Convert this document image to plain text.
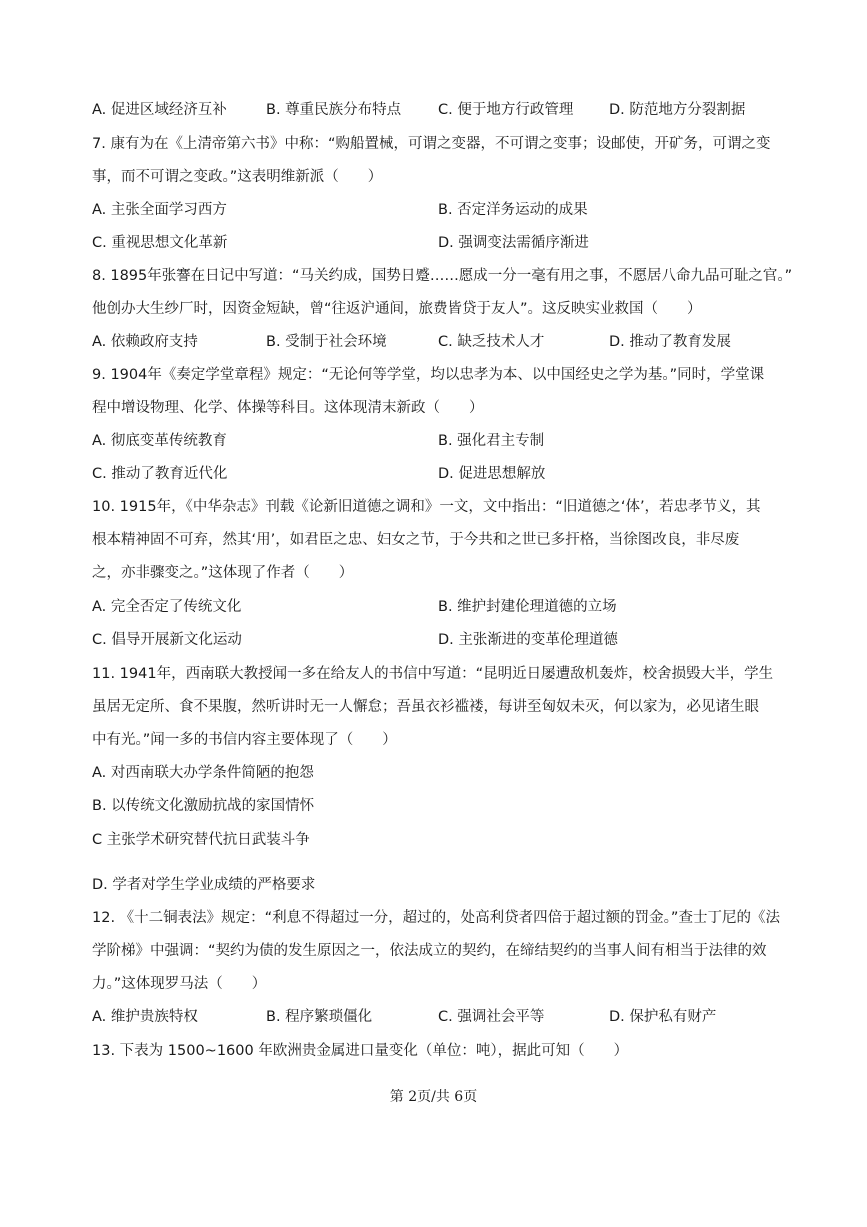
A. 促进区域经济互补	B. 尊重民族分布特点	C. 便于地方行政管理 D. 防范地方分裂割据
7. 康有为在《上清帝第六书》中称：“购船置械，可谓之变器，不可谓之变事；设邮使，开矿务，可谓之变
事，而不可谓之变政。”这表明维新派（　　）
A. 主张全面学习西方	B. 否定洋务运动的成果
C. 重视思想文化革新	D. 强调变法需循序渐进
8. 1895年张謇在日记中写道：“马关约成，国势日蹙……愿成一分一毫有用之事，不愿居八命九品可耻之官。”
他创办大生纱厂时，因资金短缺，曾“往返沪通间，旅费皆贷于友人”。这反映实业救国（　　）
A. 依赖政府支持	B. 受制于社会环境	C. 缺乏技术人才	D. 推动了教育发展
9. 1904年《奏定学堂章程》规定：“无论何等学堂，均以忠孝为本、以中国经史之学为基。”同时，学堂课
程中增设物理、化学、体操等科目。这体现清末新政（　　）
A. 彻底变革传统教育	B. 强化君主专制
C. 推动了教育近代化	D. 促进思想解放
10. 1915年，《中华杂志》刊载《论新旧道德之调和》一文，文中指出：“旧道德之‘体’，若忠孝节义，其
根本精神固不可弃，然其‘用’，如君臣之忠、妇女之节，于今共和之世已多扞格，当徐图改良，非尽废
之，亦非骤变之。”这体现了作者（　　）
A. 完全否定了传统文化	B. 维护封建伦理道德的立场
C. 倡导开展新文化运动	D. 主张渐进的变革伦理道德
11. 1941年，西南联大教授闻一多在给友人的书信中写道：“昆明近日屡遭敌机轰炸，校舍损毁大半，学生
虽居无定所、食不果腹，然听讲时无一人懈怠；吾虽衣衫褴褛，每讲至匈奴未灭，何以家为，必见诸生眼
中有光。”闻一多的书信内容主要体现了（　　）
A. 对西南联大办学条件简陋的抱怨
B. 以传统文化激励抗战的家国情怀
C 主张学术研究替代抗日武装斗争
D. 学者对学生学业成绩的严格要求
12. 《十二铜表法》规定：“利息不得超过一分，超过的，处高利贷者四倍于超过额的罚金。”查士丁尼的《法
学阶梯》中强调：“契约为债的发生原因之一，依法成立的契约，在缔结契约的当事人间有相当于法律的效
力。”这体现罗马法（　　）
A. 维护贵族特权	B. 程序繁琐僵化	C. 强调社会平等	D. 保护私有财产
13. 下表为 1500~1600 年欧洲贵金属进口量变化（单位：吨），据此可知（　　）
第 2页/共 6页
